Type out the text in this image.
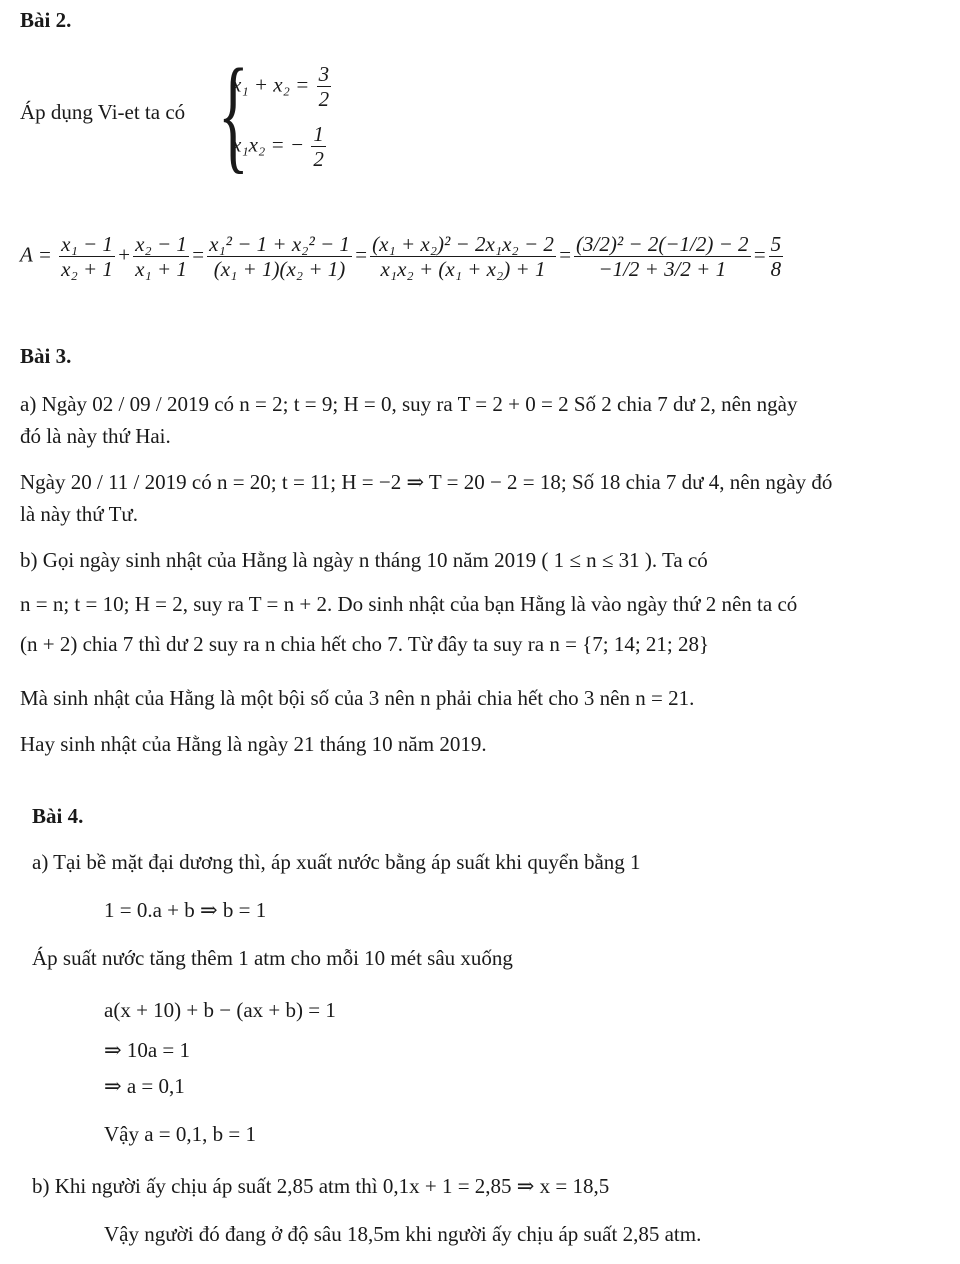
Bài 2.
Áp dụng Vi-et ta có {
$x_1 + x_2 = \frac{3}{2}$
x₁x₂ = − $\frac{1}{2}$
$A = \frac{\text{x₁ − 1}}{\text{x₂ + 1}} + \frac{\text{x₂ − 1}}{\text{x₁ + 1}} = \frac{\text{x₁² − 1 + x₂² − 1}}{\text{(x₁ + 1)(x₂ + 1)}} = \frac{\text{(x₁ + x₂)² − 2x₁x₂ − 2}}{\text{x₁x₂ + (x₁ + x₂) + 1}} = \frac{\text{(3/2)² − 2(−1/2) − 2}}{-1/2 + 3/2 + 1} = \frac{5}{8}$
Bài 3.
a) Ngày 02 / 09 / 2019 có n = 2; t = 9; H = 0, suy ra T = 2 + 0 = 2 Số 2 chia 7 dư 2, nên ngày
đó là này thứ Hai.
Ngày 20 / 11 / 2019 có n = 20; t = 11; H = −2 ⇒ T = 20 − 2 = 18; Số 18 chia 7 dư 4, nên ngày đó
là này thứ Tư.
b) Gọi ngày sinh nhật của Hằng là ngày n tháng 10 năm 2019 ( 1 ≤ n ≤ 31 ). Ta có
n = n; t = 10; H = 2, suy ra T = n + 2. Do sinh nhật của bạn Hằng là vào ngày thứ 2 nên ta có
(n + 2) chia 7 thì dư 2 suy ra n chia hết cho 7. Từ đây ta suy ra n = {7; 14; 21; 28}
Mà sinh nhật của Hằng là một bội số của 3 nên n phải chia hết cho 3 nên n = 21.
Hay sinh nhật của Hằng là ngày 21 tháng 10 năm 2019.
Bài 4.
a) Tại bề mặt đại dương thì, áp xuất nước bằng áp suất khi quyển bằng 1
1 = 0.a + b ⇒ b = 1
Áp suất nước tăng thêm 1 atm cho mỗi 10 mét sâu xuống
a(x + 10) + b − (ax + b) = 1
⇒ 10a = 1
⇒ a = 0,1
Vậy a = 0,1, b = 1
b) Khi người ấy chịu áp suất 2,85 atm thì 0,1x + 1 = 2,85 ⇒ x = 18,5
Vậy người đó đang ở độ sâu 18,5m khi người ấy chịu áp suất 2,85 atm.
